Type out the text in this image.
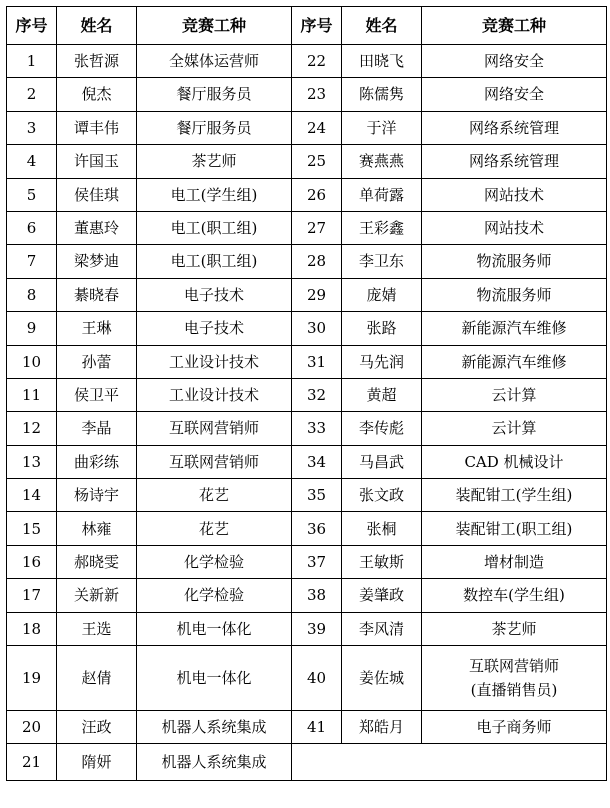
序号	姓名	竞赛工种	序号	姓名	竞赛工种
1	张哲源	全媒体运营师	22	田晓飞	网络安全
2	倪杰	餐厅服务员	23	陈儒隽	网络安全
3	谭丰伟	餐厅服务员	24	于洋	网络系统管理
4	许国玉	茶艺师	25	赛燕燕	网络系统管理
5	侯佳琪	电工(学生组)	26	单荷露	网站技术
6	董惠玲	电工(职工组)	27	王彩鑫	网站技术
7	梁梦迪	电工(职工组)	28	李卫东	物流服务师
8	綦晓春	电子技术	29	庞婧	物流服务师
9	王琳	电子技术	30	张路	新能源汽车维修
10	孙蕾	工业设计技术	31	马先润	新能源汽车维修
11	侯卫平	工业设计技术	32	黄超	云计算
12	李晶	互联网营销师	33	李传彪	云计算
13	曲彩练	互联网营销师	34	马昌武	CAD 机械设计
14	杨诗宇	花艺	35	张文政	装配钳工(学生组)
15	林雍	花艺	36	张桐	装配钳工(职工组)
16	郝晓雯	化学检验	37	王敏斯	增材制造
17	关新新	化学检验	38	姜肇政	数控车(学生组)
18	王选	机电一体化	39	李风清	茶艺师
19	赵倩	机电一体化	40	姜佐城	互联网营销师
(直播销售员)

20	汪政	机器人系统集成	41	郑皓月	电子商务师
21	隋妍	机器人系统集成			
